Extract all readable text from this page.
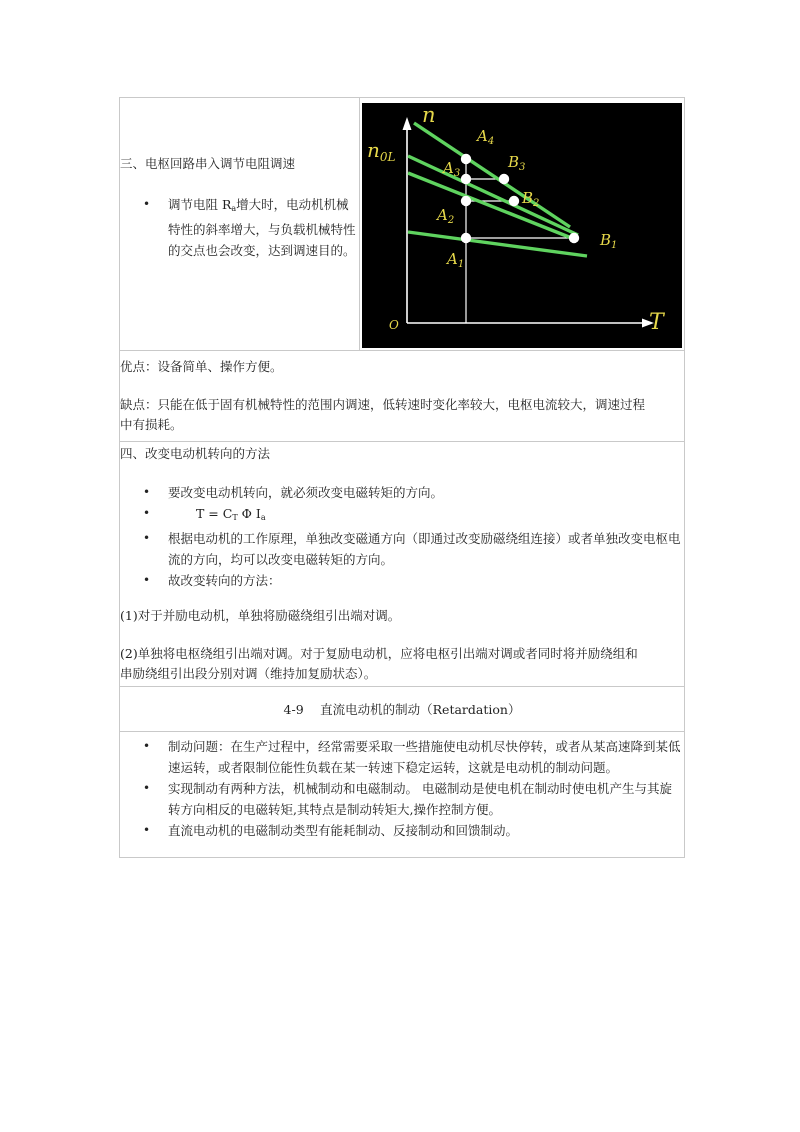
三、电枢回路串入调节电阻调速
• 调节电阻 $R_a$增大时，电动机机械特性的斜率增大，与负载机械特性的交点也会改变，达到调速目的。

n
T
O
$n_{0L}$
$A_4$
$A_3$
$B_3$
$A_2$
$B_2$
$A_1$
$B_1$

优点：设备简单、操作方便。

缺点：只能在低于固有机械特性的范围内调速，低转速时变化率较大，电枢电流较大，调速过程

中有损耗。

四、改变电动机转向的方法
• 要改变电动机转向，就必须改变电磁转矩的方向。
• $T = C_T$ Φ $I_a$
• 根据电动机的工作原理，单独改变磁通方向（即通过改变励磁绕组连接）或者单独改变电枢电流的方向，均可以改变电磁转矩的方向。
• 故改变转向的方法：

(1)对于并励电动机，单独将励磁绕组引出端对调。

(2)单独将电枢绕组引出端对调。对于复励电动机，应将电枢引出端对调或者同时将并励绕组和

串励绕组引出段分别对调（维持加复励状态）。

4-9　 直流电动机的制动（Retardation）

• 制动问题：在生产过程中，经常需要采取一些措施使电动机尽快停转，或者从某高速降到某低速运转，或者限制位能性负载在某一转速下稳定运转，这就是电动机的制动问题。
• 实现制动有两种方法，机械制动和电磁制动。 电磁制动是使电机在制动时使电机产生与其旋转方向相反的电磁转矩,其特点是制动转矩大,操作控制方便。
• 直流电动机的电磁制动类型有能耗制动、反接制动和回馈制动。
